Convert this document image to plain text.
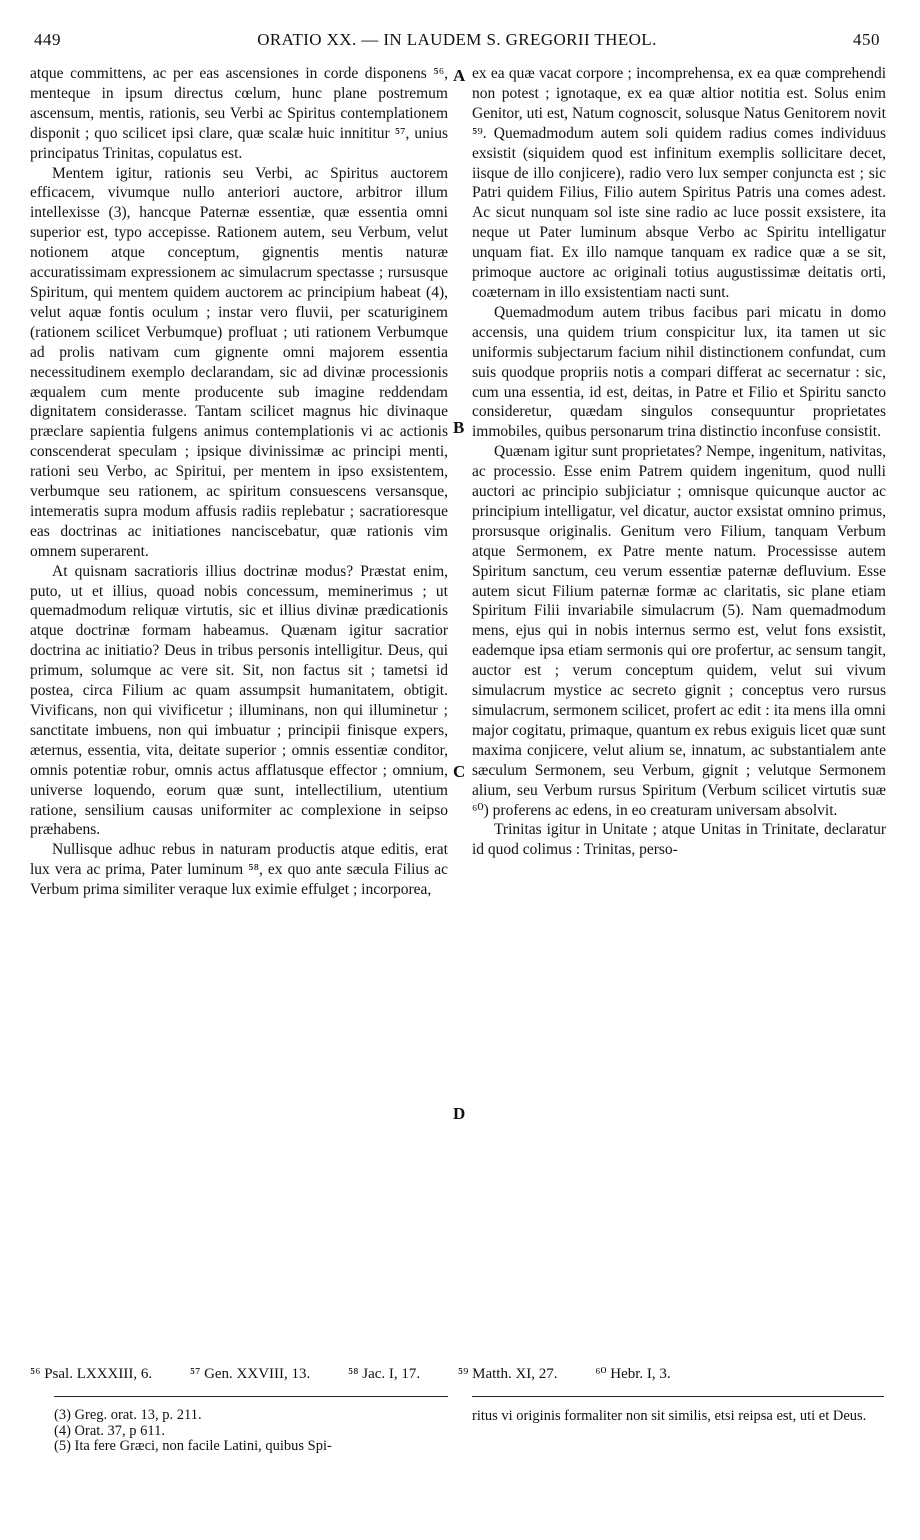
449	ORATIO XX. — IN LAUDEM S. GREGORII THEOL.	450

atque committens, ac per eas ascensiones in corde disponens ⁵⁶, menteque in ipsum directus cœlum, hunc plane postremum ascensum, mentis, rationis, seu Verbi ac Spiritus contemplationem disponit ; quo scilicet ipsi clare, quæ scalæ huic innititur ⁵⁷, unius principatus Trinitas, copulatus est.

Mentem igitur, rationis seu Verbi, ac Spiritus auctorem efficacem, vivumque nullo anteriori auctore, arbitror illum intellexisse (3), hancque Paternæ essentiæ, quæ essentia omni superior est, typo accepisse. Rationem autem, seu Verbum, velut notionem atque conceptum, gignentis mentis naturæ accuratissimam expressionem ac simulacrum spectasse ; rursusque Spiritum, qui mentem quidem auctorem ac principium habeat (4), velut aquæ fontis oculum ; instar vero fluvii, per scaturiginem (rationem scilicet Verbumque) profluat ; uti rationem Verbumque ad prolis nativam cum gignente omni majorem essentia necessitudinem exemplo declarandam, sic ad divinæ processionis æqualem cum mente producente sub imagine reddendam dignitatem considerasse. Tantam scilicet magnus hic divinaque præclare sapientia fulgens animus contemplationis vi ac actionis conscenderat speculam ; ipsique divinissimæ ac principi menti, rationi seu Verbo, ac Spiritui, per mentem in ipso exsistentem, verbumque seu rationem, ac spiritum consuescens versansque, intemeratis supra modum affusis radiis replebatur ; sacratioresque eas doctrinas ac initiationes nanciscebatur, quæ rationis vim omnem superarent.

At quisnam sacratioris illius doctrinæ modus? Præstat enim, puto, ut et illius, quoad nobis concessum, meminerimus ; ut quemadmodum reliquæ virtutis, sic et illius divinæ prædicationis atque doctrinæ formam habeamus. Quænam igitur sacratior doctrina ac initiatio? Deus in tribus personis intelligitur. Deus, qui primum, solumque ac vere sit. Sit, non factus sit ; tametsi id postea, circa Filium ac quam assumpsit humanitatem, obtigit. Vivificans, non qui vivificetur ; illuminans, non qui illuminetur ; sanctitate imbuens, non qui imbuatur ; principii finisque expers, æternus, essentia, vita, deitate superior ; omnis essentiæ conditor, omnis potentiæ robur, omnis actus afflatusque effector ; omnium, universe loquendo, eorum quæ sunt, intellectilium, utentium ratione, sensilium causas uniformiter ac complexione in seipso præhabens.

Nullisque adhuc rebus in naturam productis atque editis, erat lux vera ac prima, Pater luminum ⁵⁸, ex quo ante sæcula Filius ac Verbum prima similiter veraque lux eximie effulget ; incorporea,

A
B
C
D

ex ea quæ vacat corpore ; incomprehensa, ex ea quæ comprehendi non potest ; ignotaque, ex ea quæ altior notitia est. Solus enim Genitor, uti est, Natum cognoscit, solusque Natus Genitorem novit ⁵⁹. Quemadmodum autem soli quidem radius comes individuus exsistit (siquidem quod est infinitum exemplis sollicitare decet, iisque de illo conjicere), radio vero lux semper conjuncta est ; sic Patri quidem Filius, Filio autem Spiritus Patris una comes adest. Ac sicut nunquam sol iste sine radio ac luce possit exsistere, ita neque ut Pater luminum absque Verbo ac Spiritu intelligatur unquam fiat. Ex illo namque tanquam ex radice quæ a se sit, primoque auctore ac originali totius augustissimæ deitatis orti, coæternam in illo exsistentiam nacti sunt.

Quemadmodum autem tribus facibus pari micatu in domo accensis, una quidem trium conspicitur lux, ita tamen ut sic uniformis subjectarum facium nihil distinctionem confundat, cum suis quodque propriis notis a compari differat ac secernatur : sic, cum una essentia, id est, deitas, in Patre et Filio et Spiritu sancto consideretur, quædam singulos consequuntur proprietates immobiles, quibus personarum trina distinctio inconfuse consistit.

Quænam igitur sunt proprietates? Nempe, ingenitum, nativitas, ac processio. Esse enim Patrem quidem ingenitum, quod nulli auctori ac principio subjiciatur ; omnisque quicunque auctor ac principium intelligatur, vel dicatur, auctor exsistat omnino primus, prorsusque originalis. Genitum vero Filium, tanquam Verbum atque Sermonem, ex Patre mente natum. Processisse autem Spiritum sanctum, ceu verum essentiæ paternæ defluvium. Esse autem sicut Filium paternæ formæ ac claritatis, sic plane etiam Spiritum Filii invariabile simulacrum (5). Nam quemadmodum mens, ejus qui in nobis internus sermo est, velut fons exsistit, eademque ipsa etiam sermonis qui ore profertur, ac sensum tangit, auctor est ; verum conceptum quidem, velut sui vivum simulacrum mystice ac secreto gignit ; conceptus vero rursus simulacrum, sermonem scilicet, profert ac edit : ita mens illa omni major cogitatu, primaque, quantum ex rebus exiguis licet quæ sunt maxima conjicere, velut alium se, innatum, ac substantialem ante sæculum Sermonem, seu Verbum, gignit ; velutque Sermonem alium, seu Verbum rursus Spiritum (Verbum scilicet virtutis suæ ⁶⁰) proferens ac edens, in eo creaturam universam absolvit.

Trinitas igitur in Unitate ; atque Unitas in Trinitate, declaratur id quod colimus : Trinitas, perso-

⁵⁶ Psal. LXXXIII, 6.	⁵⁷ Gen. XXVIII, 13.	⁵⁸ Jac. I, 17.	⁵⁹ Matth. XI, 27.	⁶⁰ Hebr. I, 3.
(3) Greg. orat. 13, p. 211.
(4) Orat. 37, p 611.
(5) Ita fere Græci, non facile Latini, quibus Spi-
ritus vi originis formaliter non sit similis, etsi reipsa est, uti et Deus.
